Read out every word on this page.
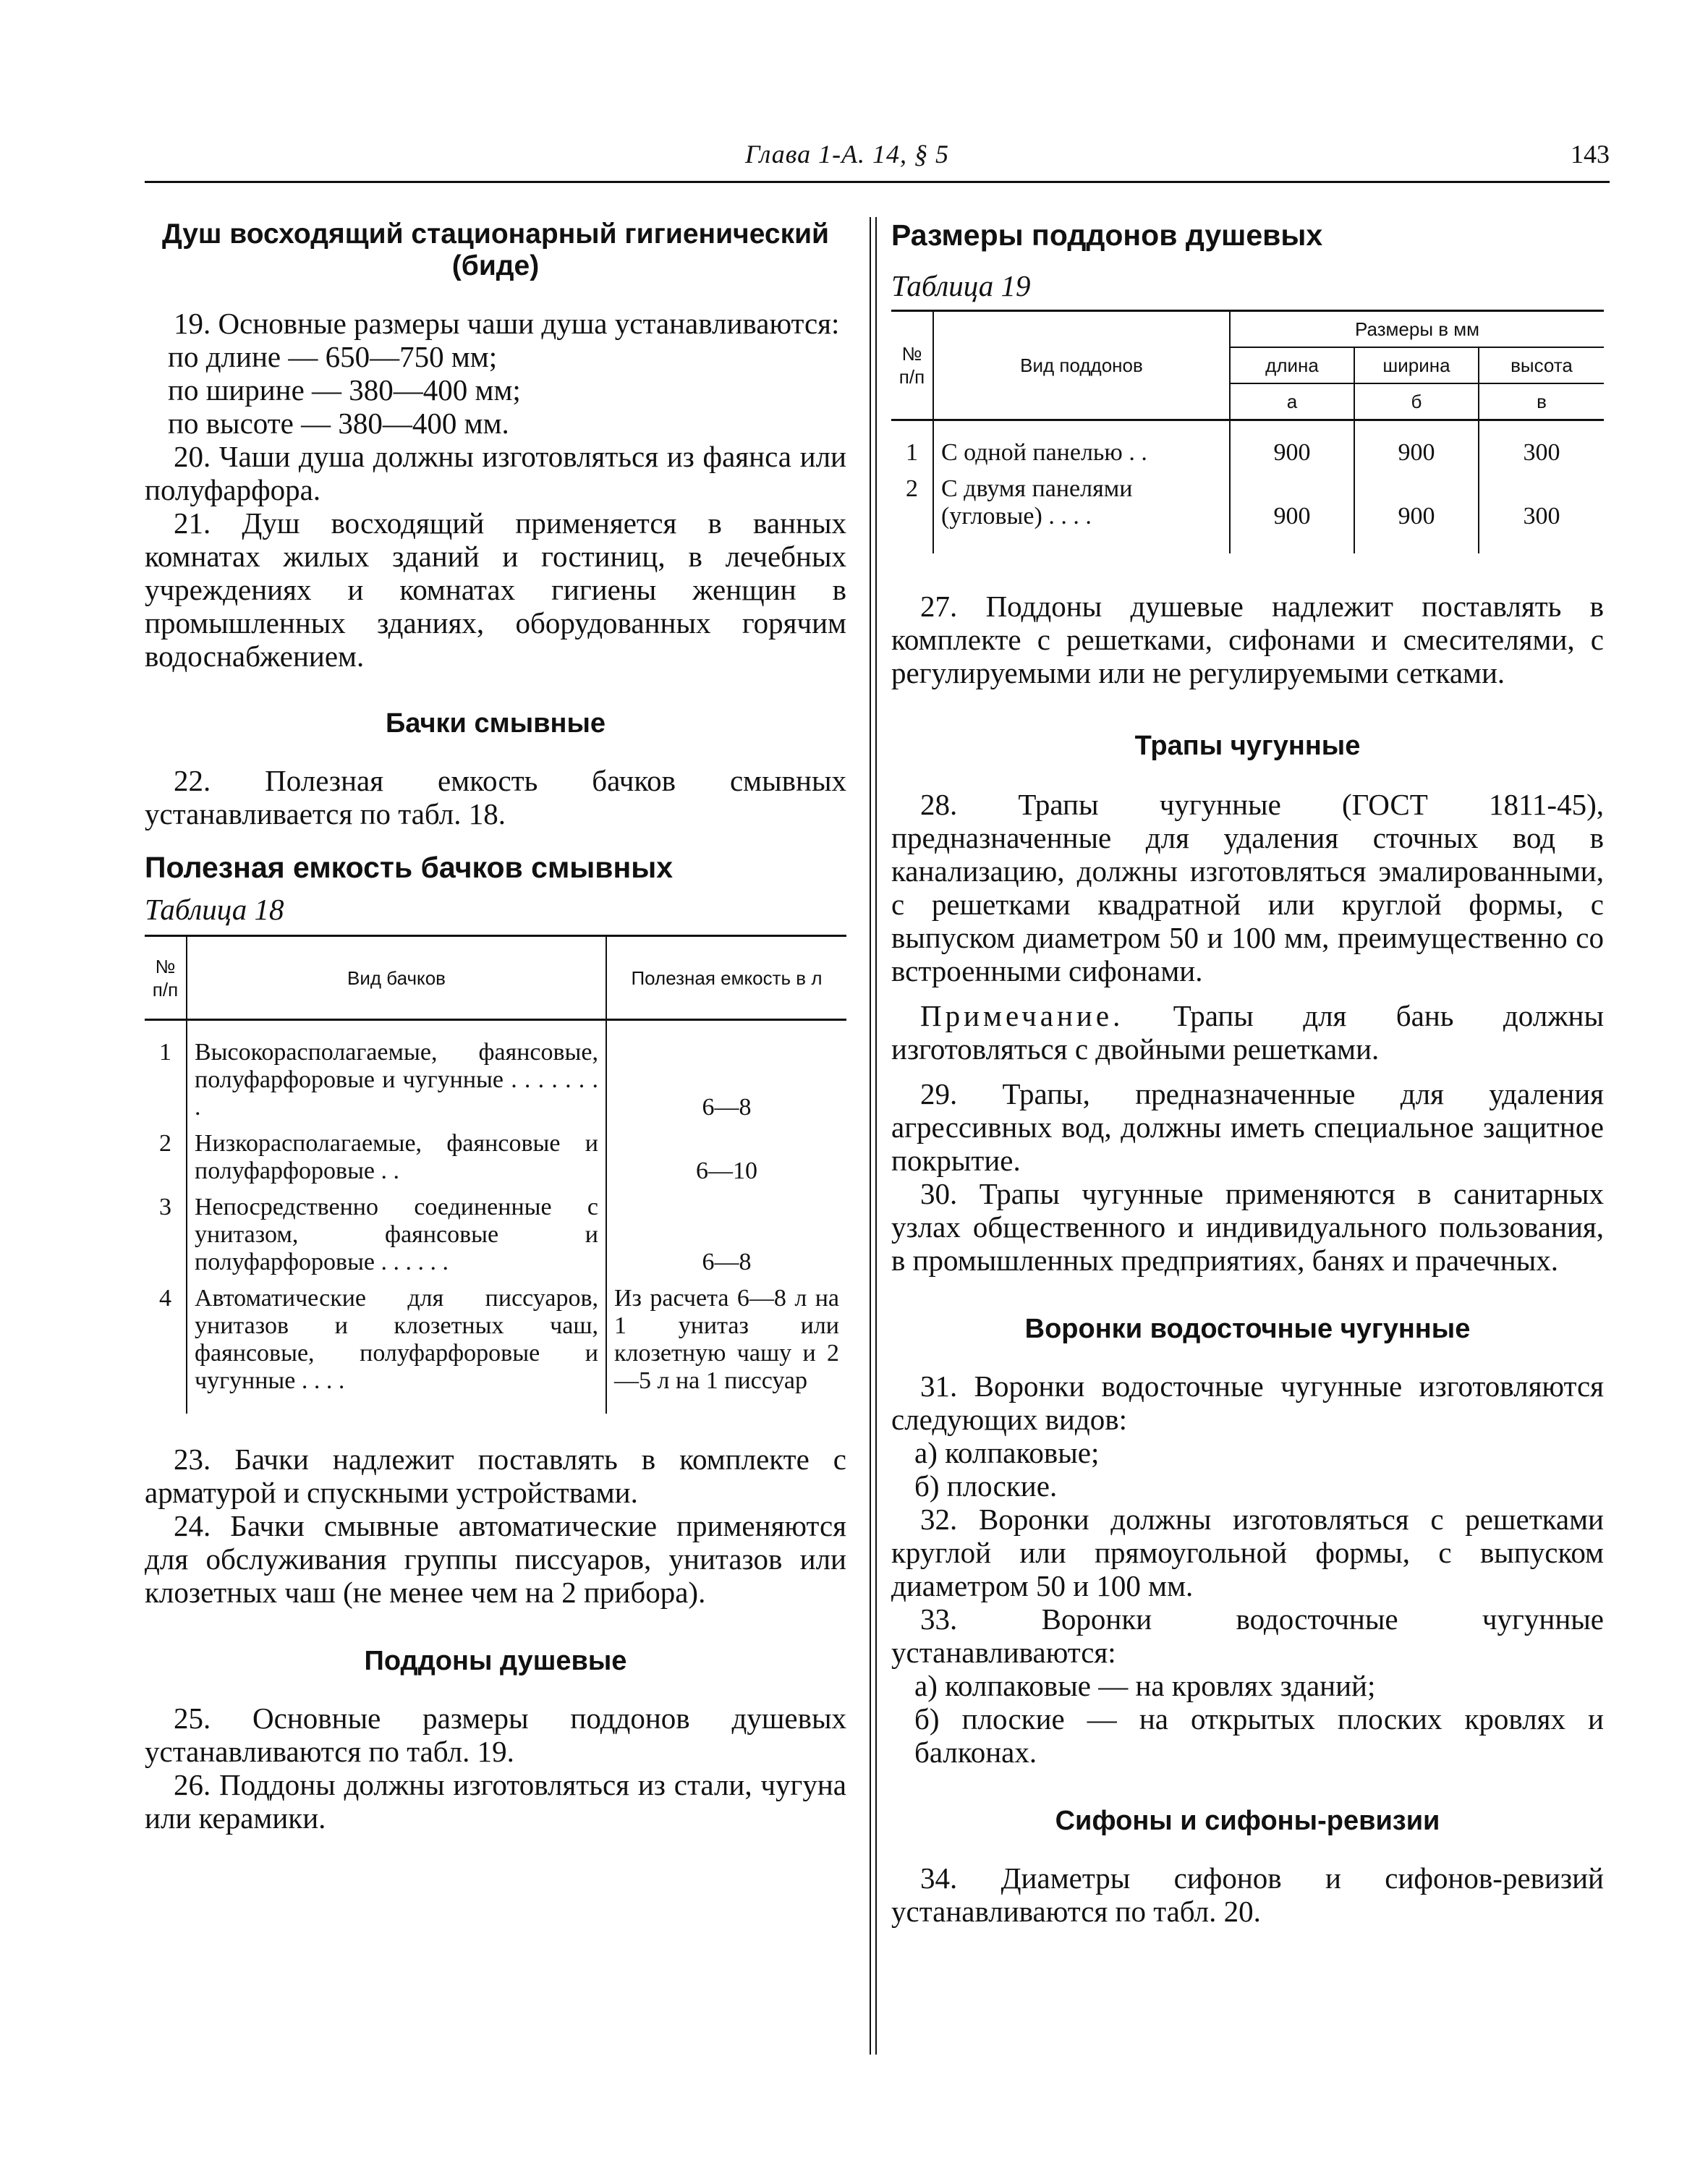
Глава 1-А. 14, § 5	143
Душ восходящий стационарный гигиенический (биде)

19. Основные размеры чаши душа устанавливаются:

по длине — 650—750 мм;

по ширине — 380—400 мм;

по высоте — 380—400 мм.

20. Чаши душа должны изготовляться из фаянса или полуфарфора.

21. Душ восходящий применяется в ванных комнатах жилых зданий и гостиниц, в лечебных учреждениях и комнатах гигиены женщин в промышленных зданиях, оборудованных горячим водоснабжением.

Бачки смывные

22. Полезная емкость бачков смывных устанавливается по табл. 18.

Полезная емкость бачков смывных

Таблица 18

№ п/п	Вид бачков	Полезная емкость в л

1	Высокорасполагаемые, фаянсовые, полуфарфоровые и чугунные . . . . . . . .	6—8
2	Низкорасполагаемые, фаянсовые и полуфарфоровые . .	6—10
3	Непосредственно соединенные с унитазом, фаянсовые и полуфарфоровые . . . . . .	6—8
4	Автоматические для писсуаров, унитазов и клозетных чаш, фаянсовые, полуфарфоровые и чугунные . . . .	Из расчета 6—8 л на 1 унитаз или клозетную чашу и 2—5 л на 1 писсуар

23. Бачки надлежит поставлять в комплекте с арматурой и спускными устройствами.

24. Бачки смывные автоматические применяются для обслуживания группы писсуаров, унитазов или клозетных чаш (не менее чем на 2 прибора).

Поддоны душевые

25. Основные размеры поддонов душевых устанавливаются по табл. 19.

26. Поддоны должны изготовляться из стали, чугуна или керамики.

Размеры поддонов душевых

Таблица 19

№ п/п	Вид поддонов	Размеры в мм		
		длина	ширина	высота
		а	б	в

1	С одной панелью . .	900	900	300
2	С двумя панелями (угловые) . . . .	900	900	300

27. Поддоны душевые надлежит поставлять в комплекте с решетками, сифонами и смесителями, с регулируемыми или не регулируемыми сетками.

Трапы чугунные

28. Трапы чугунные (ГОСТ 1811-45), предназначенные для удаления сточных вод в канализацию, должны изготовляться эмалированными, с решетками квадратной или круглой формы, с выпуском диаметром 50 и 100 мм, преимущественно со встроенными сифонами.

Примечание. Трапы для бань должны изготовляться с двойными решетками.

29. Трапы, предназначенные для удаления агрессивных вод, должны иметь специальное защитное покрытие.

30. Трапы чугунные применяются в санитарных узлах общественного и индивидуального пользования, в промышленных предприятиях, банях и прачечных.

Воронки водосточные чугунные

31. Воронки водосточные чугунные изготовляются следующих видов:

а) колпаковые;

б) плоские.

32. Воронки должны изготовляться с решетками круглой или прямоугольной формы, с выпуском диаметром 50 и 100 мм.

33. Воронки водосточные чугунные устанавливаются:

а) колпаковые — на кровлях зданий;

б) плоские — на открытых плоских кровлях и балконах.

Сифоны и сифоны-ревизии

34. Диаметры сифонов и сифонов-ревизий устанавливаются по табл. 20.
